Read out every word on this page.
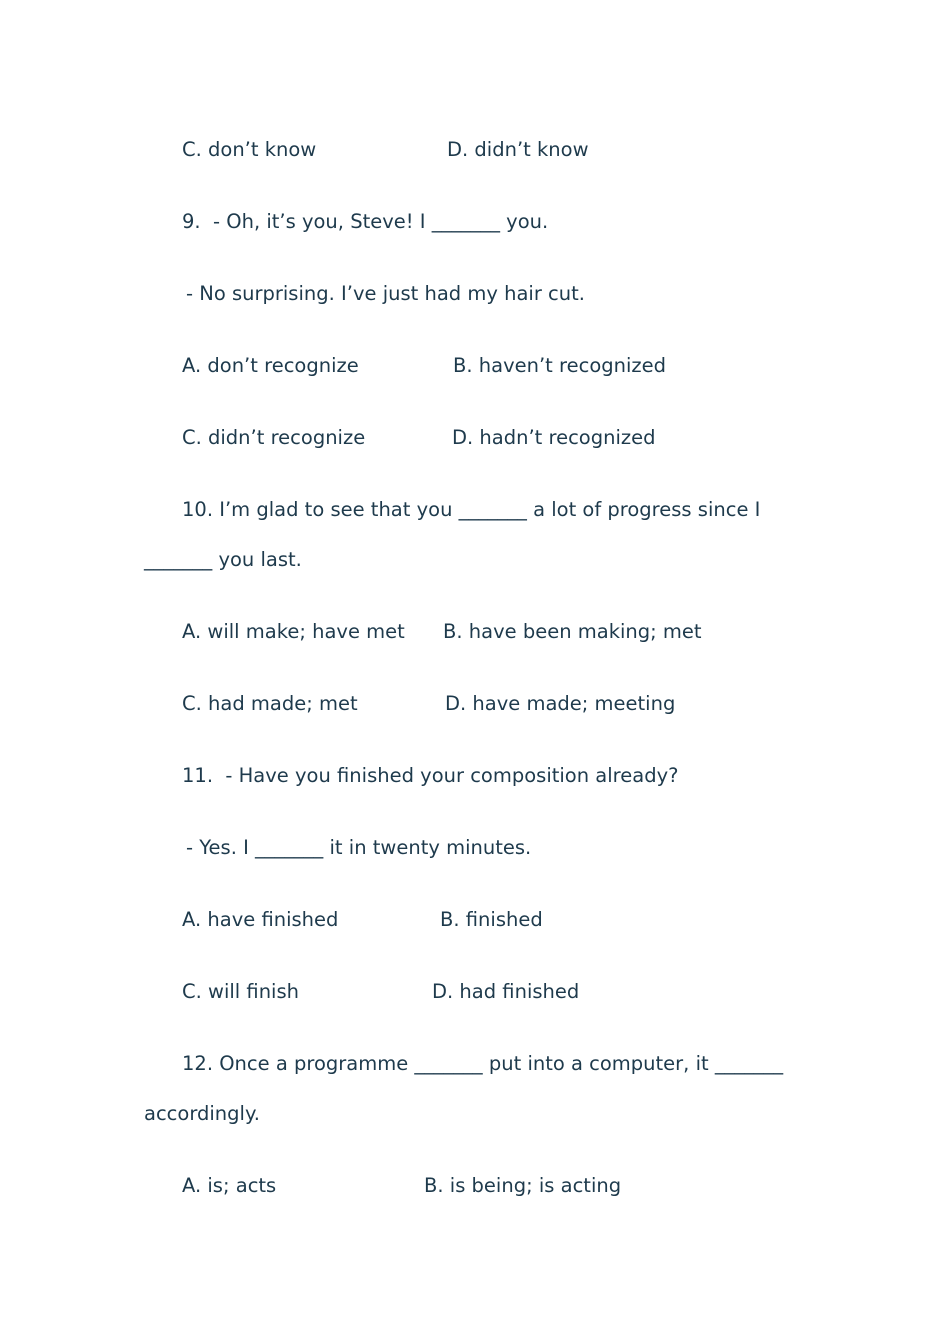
C. don’t know	D. didn’t know
9.  - Oh, it’s you, Steve! I _______ you.
- No surprising. I’ve just had my hair cut.
A. don’t recognize	B. haven’t recognized
C. didn’t recognize	D. hadn’t recognized
10. I’m glad to see that you _______ a lot of progress since I
_______ you last.
A. will make; have met B. have been making; met
C. had made; met	D. have made; meeting
11.  - Have you finished your composition already?
- Yes. I _______ it in twenty minutes.
A. have finished	B. finished
C. will finish	D. had finished
12. Once a programme _______ put into a computer, it _______
accordingly.
A. is; acts	B. is being; is acting
